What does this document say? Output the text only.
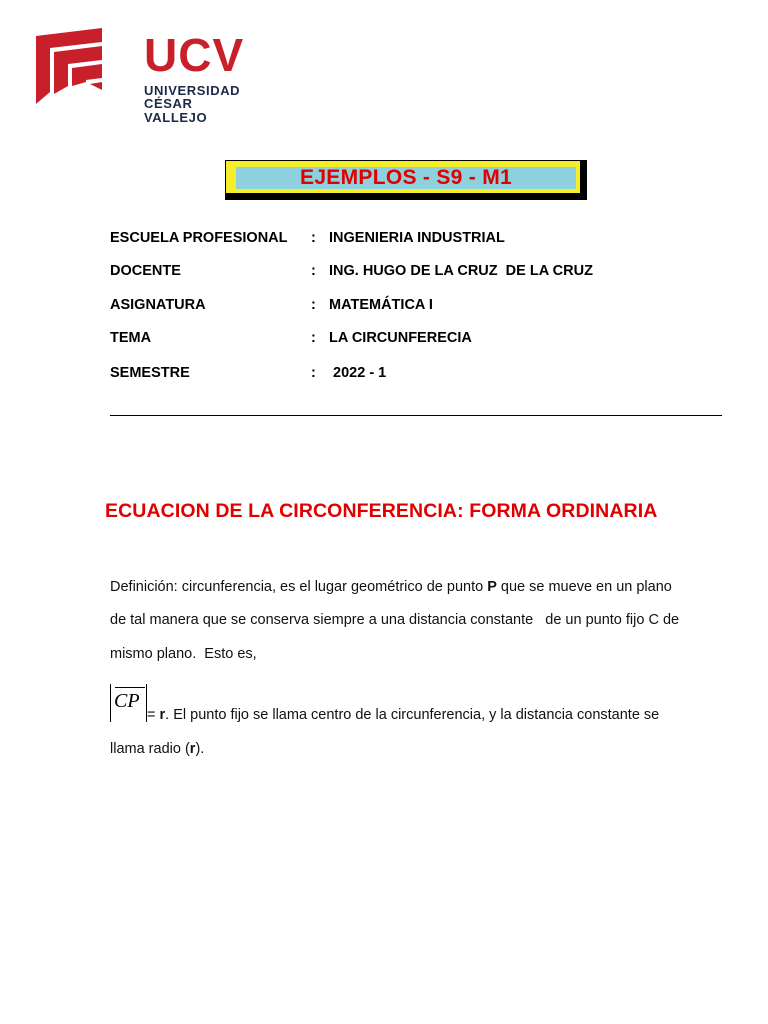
UCV
UNIVERSIDAD
CÉSAR VALLEJO
EJEMPLOS - S9 - M1
ESCUELA PROFESIONAL : INGENIERIA INDUSTRIAL
DOCENTE	: ING. HUGO DE LA CRUZ  DE LA CRUZ
ASIGNATURA	: MATEMÁTICA I
TEMA	: LA CIRCUNFERECIA
SEMESTRE	: 2022 - 1
ECUACION DE LA CIRCONFERENCIA: FORMA ORDINARIA
Definición: circunferencia, es el lugar geométrico de punto P que se mueve en un plano
de tal manera que se conserva siempre a una distancia constante   de un punto fijo C de
mismo plano.  Esto es,
CP
= r. El punto fijo se llama centro de la circunferencia, y la distancia constante se
llama radio (r).
